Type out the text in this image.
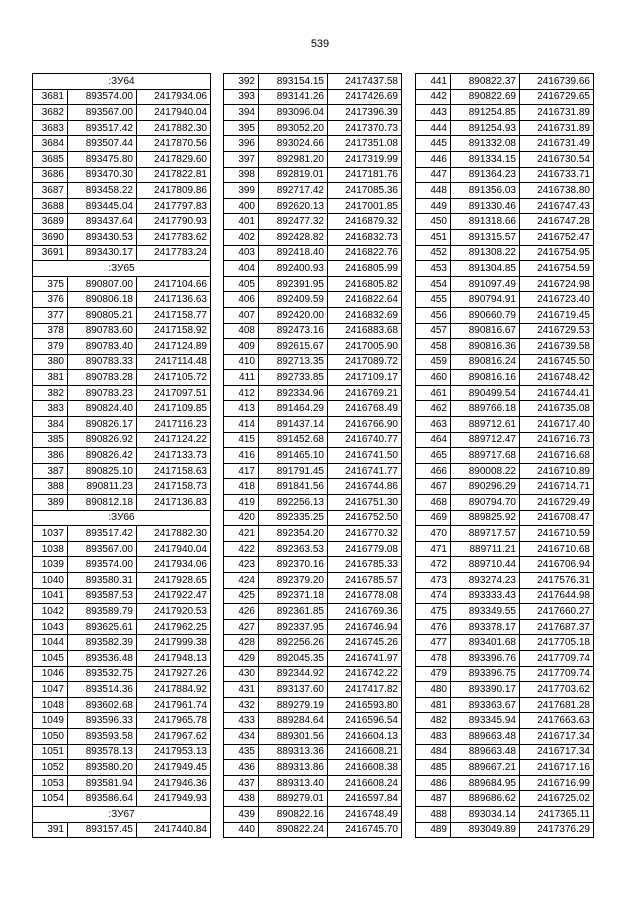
539
:ЗУ64		
3681	893574.00	2417934.06
3682	893567.00	2417940.04
3683	893517.42	2417882.30
3684	893507.44	2417870.56
3685	893475.80	2417829.60
3686	893470.30	2417822.81
3687	893458.22	2417809.86
3688	893445.04	2417797.83
3689	893437.64	2417790.93
3690	893430.53	2417783.62
3691	893430.17	2417783.24
:ЗУ65		
375	890807.00	2417104.66
376	890806.18	2417136.63
377	890805.21	2417158.77
378	890783.60	2417158.92
379	890783.40	2417124.89
380	890783.33	2417114.48
381	890783.28	2417105.72
382	890783.23	2417097.51
383	890824.40	2417109.85
384	890826.17	2417116.23
385	890826.92	2417124.22
386	890826.42	2417133.73
387	890825.10	2417158.63
388	890811.23	2417158.73
389	890812.18	2417136.83
:ЗУ66		
1037	893517.42	2417882.30
1038	893567.00	2417940.04
1039	893574.00	2417934.06
1040	893580.31	2417928.65
1041	893587.53	2417922.47
1042	893589.79	2417920.53
1043	893625.61	2417962.25
1044	893582.39	2417999.38
1045	893536.48	2417948.13
1046	893532.75	2417927.26
1047	893514.36	2417884.92
1048	893602.68	2417961.74
1049	893596.33	2417965.78
1050	893593.58	2417967.62
1051	893578.13	2417953.13
1052	893580.20	2417949.45
1053	893581.94	2417946.36
1054	893586.64	2417949.93
:ЗУ67		
391	893157.45	2417440.84
392	893154.15	2417437.58
393	893141.26	2417426.69
394	893096.04	2417396.39
395	893052.20	2417370.73
396	893024.66	2417351.08
397	892981.20	2417319.99
398	892819.01	2417181.76
399	892717.42	2417085.36
400	892620.13	2417001.85
401	892477.32	2416879.32
402	892428.82	2416832.73
403	892418.40	2416822.76
404	892400.93	2416805.99
405	892391.95	2416805.82
406	892409.59	2416822.64
407	892420.00	2416832.69
408	892473.16	2416883.68
409	892615.67	2417005.90
410	892713.35	2417089.72
411	892733.85	2417109.17
412	892334.96	2416769.21
413	891464.29	2416768.49
414	891437.14	2416766.90
415	891452.68	2416740.77
416	891465.10	2416741.50
417	891791.45	2416741.77
418	891841.56	2416744.86
419	892256.13	2416751.30
420	892335.25	2416752.50
421	892354.20	2416770.32
422	892363.53	2416779.08
423	892370.16	2416785.33
424	892379.20	2416785.57
425	892371.18	2416778.08
426	892361.85	2416769.36
427	892337.95	2416746.94
428	892256.26	2416745.26
429	892045.35	2416741.97
430	892344.92	2416742.22
431	893137.60	2417417.82
432	889279.19	2416593.80
433	889284.64	2416596.54
434	889301.56	2416604.13
435	889313.36	2416608.21
436	889313.86	2416608.38
437	889313.40	2416608.24
438	889279.01	2416597.84
439	890822.16	2416748.49
440	890822.24	2416745.70
441	890822.37	2416739.66
442	890822.69	2416729.65
443	891254.85	2416731.89
444	891254.93	2416731.89
445	891332.08	2416731.49
446	891334.15	2416730.54
447	891364.23	2416733.71
448	891356.03	2416738.80
449	891330.46	2416747.43
450	891318.66	2416747.28
451	891315.57	2416752.47
452	891308.22	2416754.95
453	891304.85	2416754.59
454	891097.49	2416724.98
455	890794.91	2416723.40
456	890660.79	2416719.45
457	890816.67	2416729.53
458	890816.36	2416739.58
459	890816.24	2416745.50
460	890816.16	2416748.42
461	890499.54	2416744.41
462	889766.18	2416735.08
463	889712.61	2416717.40
464	889712.47	2416716.73
465	889717.68	2416716.68
466	890008.22	2416710.89
467	890296.29	2416714.71
468	890794.70	2416729.49
469	889825.92	2416708.47
470	889717.57	2416710.59
471	889711.21	2416710.68
472	889710.44	2416706.94
473	893274.23	2417576.31
474	893333.43	2417644.98
475	893349.55	2417660.27
476	893378.17	2417687.37
477	893401.68	2417705.18
478	893396.76	2417709.74
479	893396.75	2417709.74
480	893390.17	2417703.62
481	893363.67	2417681.28
482	893345.94	2417663.63
483	889663.48	2416717.34
484	889663.48	2416717.34
485	889667.21	2416717.16
486	889684.95	2416716.99
487	889686.62	2416725.02
488	893034.14	2417365.11
489	893049.89	2417376.29
